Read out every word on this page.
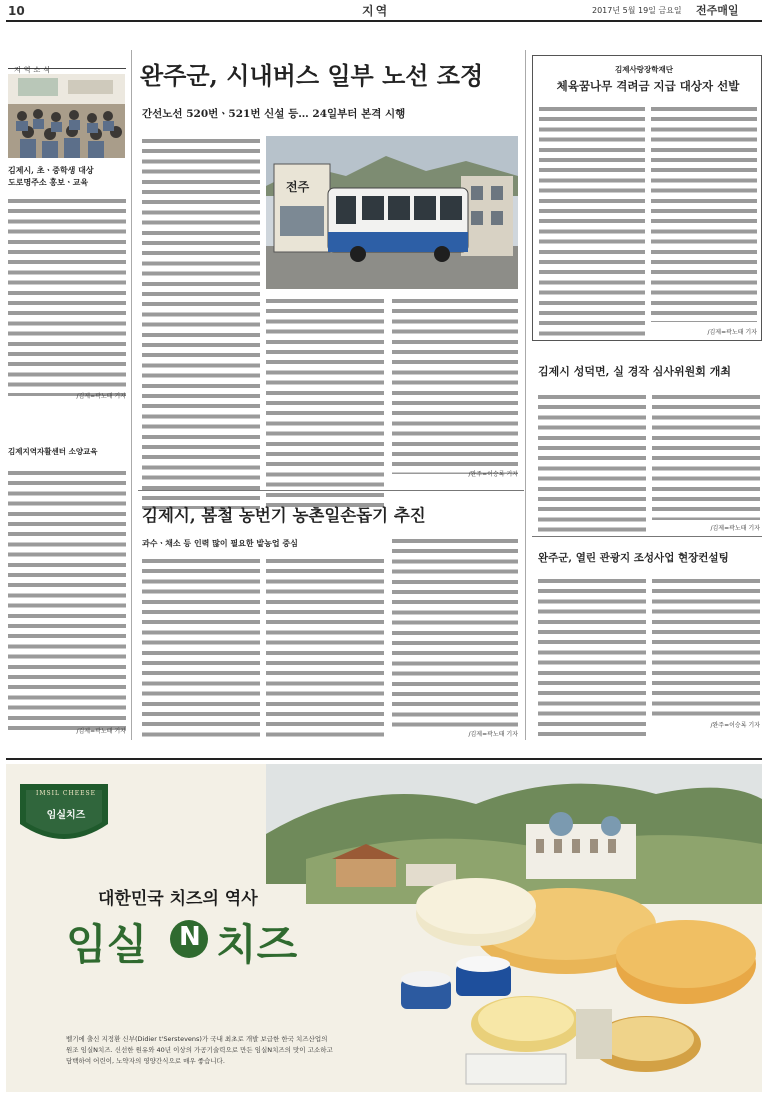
10	지역	2017년 5월 19일 금요일 전주매일
지역소식
김제시, 초ㆍ중학생 대상
도로명주소 홍보ㆍ교육
/김제=곽노태 기자
김제지역자활센터 소양교육
/김제=곽노태 기자
완주군, 시내버스 일부 노선 조정
간선노선 520번ㆍ521번 신설 등… 24일부터 본격 시행
전주
/완주=이승록 기자
김제시, 봄철 농번기 농촌일손돕기 추진
과수ㆍ채소 등 인력 많이 필요한 밭농업 중심
/김제=곽노태 기자
김제사랑장학재단
체육꿈나무 격려금 지급 대상자 선발
/김제=곽노태 기자
김제시 성덕면, 실 경작 심사위원회 개최
/김제=곽노태 기자
완주군, 열린 관광지 조성사업 현장컨설팅
/완주=이승록 기자
IMSIL CHEESE
임실치즈
대한민국 치즈의 역사
임실 N 치즈
벨기에 출신 지정환 신부(Didier t'Serstevens)가 국내 최초로 개발 보급한 한국 치즈산업의
원조 임실N치즈. 신선한 원유와 40년 이상의 가공기술력으로 만든 임실N치즈의 맛이 고소하고
담백하여 어린이, 노약자의 영양간식으로 매우 좋습니다.
